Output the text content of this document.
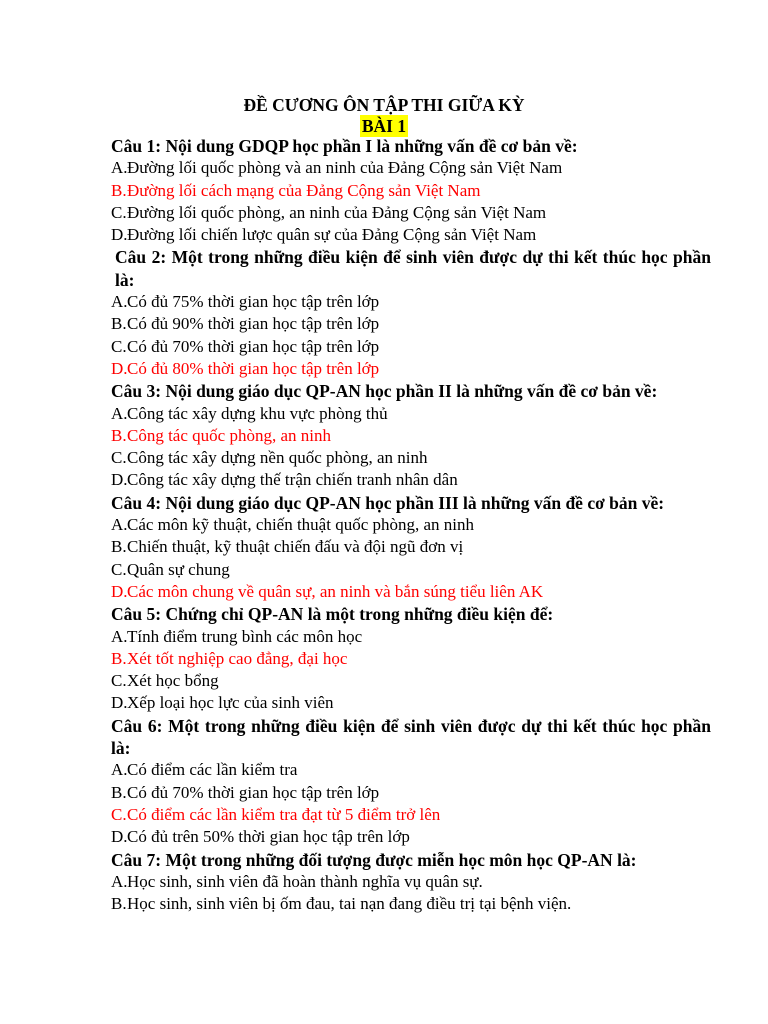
ĐỀ CƯƠNG ÔN TẬP THI GIỮA KỲ
BÀI 1

Câu 1: Nội dung GDQP học phần I là những vấn đề cơ bản về:

A.Đường lối quốc phòng và an ninh của Đảng Cộng sản Việt Nam

B.Đường lối cách mạng của Đảng Cộng sản Việt Nam

C.Đường lối quốc phòng, an ninh của Đảng Cộng sản Việt Nam

D.Đường lối chiến lược quân sự của Đảng Cộng sản Việt Nam

Câu 2: Một trong những điều kiện để sinh viên được dự thi kết thúc học phần là:

A.Có đủ 75% thời gian học tập trên lớp

B.Có đủ 90% thời gian học tập trên lớp

C.Có đủ 70% thời gian học tập trên lớp

D.Có đủ 80% thời gian học tập trên lớp

Câu 3: Nội dung giáo dục QP-AN học phần II là những vấn đề cơ bản về:

A.Công tác xây dựng khu vực phòng thủ

B.Công tác quốc phòng, an ninh

C.Công tác xây dựng nền quốc phòng, an ninh

D.Công tác xây dựng thế trận chiến tranh nhân dân

Câu 4: Nội dung giáo dục QP-AN học phần III là những vấn đề cơ bản về:

A.Các môn kỹ thuật, chiến thuật quốc phòng, an ninh

B.Chiến thuật, kỹ thuật chiến đấu và đội ngũ đơn vị

C.Quân sự chung

D.Các môn chung về quân sự, an ninh và bắn súng tiểu liên AK

Câu 5: Chứng chỉ QP-AN là một trong những điều kiện để:

A.Tính điểm trung bình các môn học

B.Xét tốt nghiệp cao đẳng, đại học

C.Xét học bổng

D.Xếp loại học lực của sinh viên

Câu 6: Một trong những điều kiện để sinh viên được dự thi kết thúc học phần là:

A.Có điểm các lần kiểm tra

B.Có đủ 70% thời gian học tập trên lớp

C.Có điểm các lần kiểm tra đạt từ 5 điểm trở lên

D.Có đủ trên 50% thời gian học tập trên lớp

Câu 7: Một trong những đối tượng được miễn học môn học QP-AN là:

A.Học sinh, sinh viên đã hoàn thành nghĩa vụ quân sự.

B.Học sinh, sinh viên bị ốm đau, tai nạn đang điều trị tại bệnh viện.
